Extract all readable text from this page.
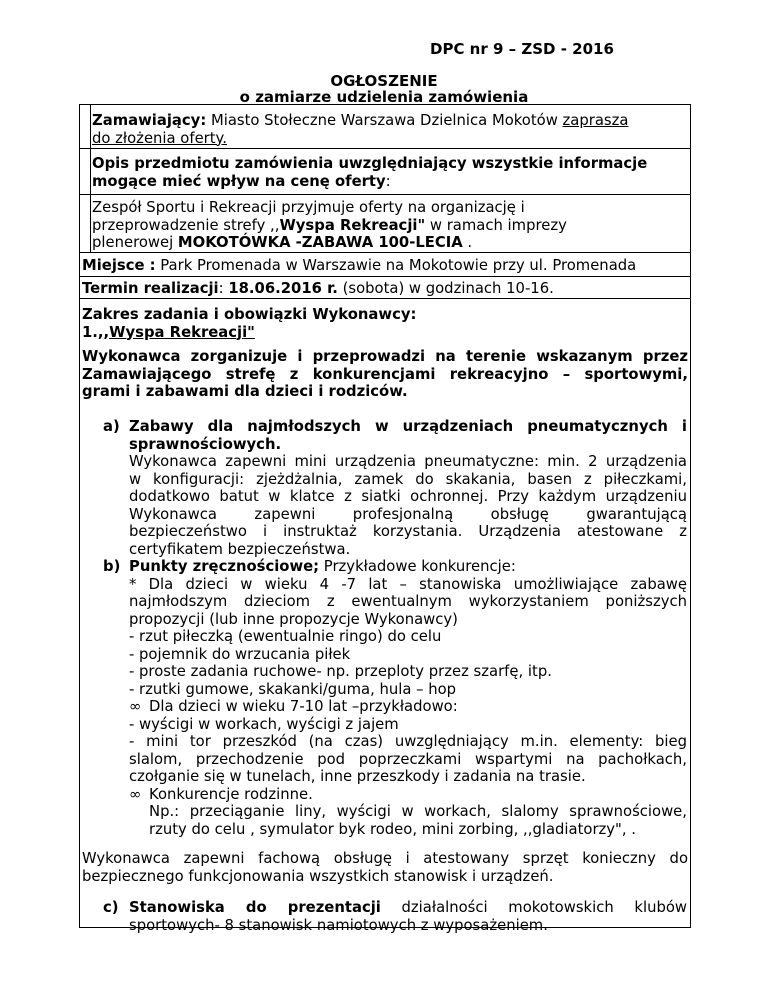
DPC nr 9 – ZSD - 2016
OGŁOSZENIE
o zamiarze udzielenia zamówienia
Zamawiający: Miasto Stołeczne Warszawa Dzielnica Mokotów zaprasza
do złożenia oferty.
Opis przedmiotu zamówienia uwzględniający wszystkie informacje
mogące mieć wpływ na cenę oferty:
Zespół Sportu i Rekreacji przyjmuje oferty na organizację i
przeprowadzenie strefy ,,Wyspa Rekreacji" w ramach imprezy
plenerowej MOKOTÓWKA -ZABAWA 100-LECIA .
Miejsce : Park Promenada w Warszawie na Mokotowie przy ul. Promenada
Termin realizacji: 18.06.2016 r. (sobota) w godzinach 10-16.
Zakres zadania i obowiązki Wykonawcy:
1.,,Wyspa Rekreacji"
Wykonawca zorganizuje i przeprowadzi na terenie wskazanym przez
Zamawiającego strefę z konkurencjami rekreacyjno – sportowymi,
grami i zabawami dla dzieci i rodziców.
a) Zabawy dla najmłodszych w urządzeniach pneumatycznych i
sprawnościowych.
Wykonawca zapewni mini urządzenia pneumatyczne: min. 2 urządzenia
w konfiguracji: zjeżdżalnia, zamek do skakania, basen z piłeczkami,
dodatkowo batut w klatce z siatki ochronnej. Przy każdym urządzeniu
Wykonawca zapewni profesjonalną obsługę gwarantującą
bezpieczeństwo i instruktaż korzystania. Urządzenia atestowane z
certyfikatem bezpieczeństwa.
b) Punkty zręcznościowe; Przykładowe konkurencje:
* Dla dzieci w wieku 4 -7 lat – stanowiska umożliwiające zabawę
najmłodszym dzieciom z ewentualnym wykorzystaniem poniższych
propozycji (lub inne propozycje Wykonawcy)
- rzut piłeczką (ewentualnie ringo) do celu
- pojemnik do wrzucania piłek
- proste zadania ruchowe- np. przeploty przez szarfę, itp.
- rzutki gumowe, skakanki/guma, hula – hop
∞ Dla dzieci w wieku 7-10 lat –przykładowo:
- wyścigi w workach, wyścigi z jajem
- mini tor przeszkód (na czas) uwzględniający m.in. elementy: bieg
slalom, przechodzenie pod poprzeczkami wspartymi na pachołkach,
czołganie się w tunelach, inne przeszkody i zadania na trasie.
∞ Konkurencje rodzinne.
Np.: przeciąganie liny, wyścigi w workach, slalomy sprawnościowe,
rzuty do celu , symulator byk rodeo, mini zorbing, ,,gladiatorzy", .
Wykonawca zapewni fachową obsługę i atestowany sprzęt konieczny do
bezpiecznego funkcjonowania wszystkich stanowisk i urządzeń.
c) Stanowiska do prezentacji działalności mokotowskich klubów
sportowych- 8 stanowisk namiotowych z wyposażeniem.
